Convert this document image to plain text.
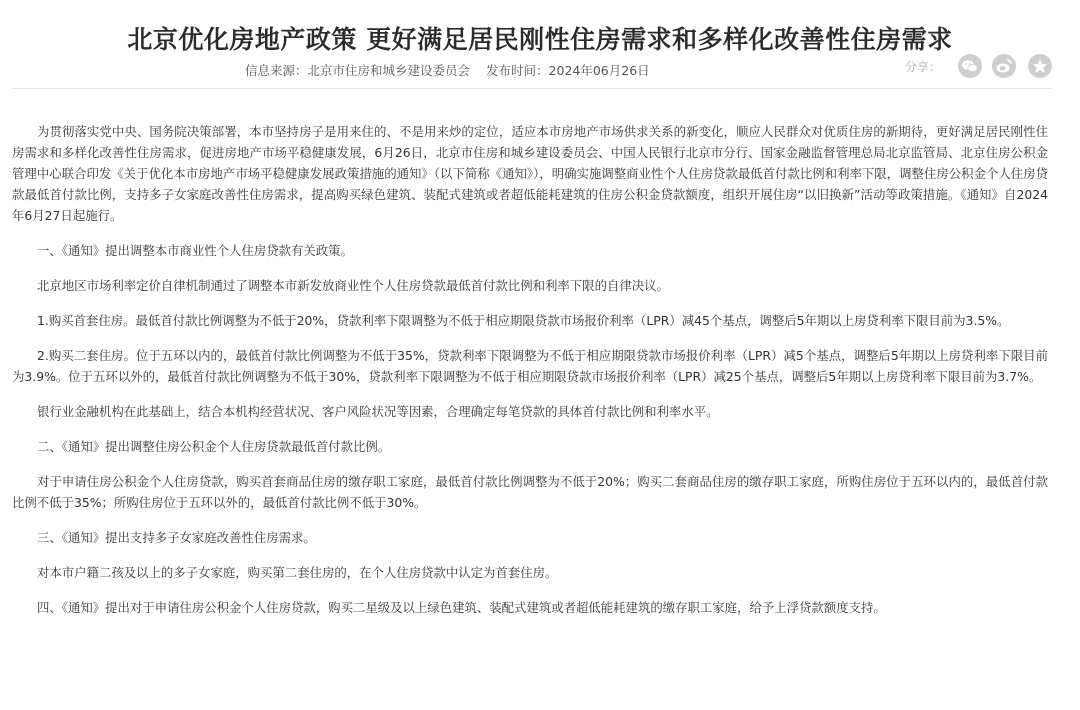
北京优化房地产政策 更好满足居民刚性住房需求和多样化改善性住房需求
信息来源：北京市住房和城乡建设委员会 发布时间：2024年06月26日	分享：

为贯彻落实党中央、国务院决策部署，本市坚持房子是用来住的、不是用来炒的定位，适应本市房地产市场供求关系的新变化，顺应人民群众对优质住房的新期待，更好满足居民刚性住房需求和多样化改善性住房需求，促进房地产市场平稳健康发展，6月26日，北京市住房和城乡建设委员会、中国人民银行北京市分行、国家金融监督管理总局北京监管局、北京住房公积金管理中心联合印发《关于优化本市房地产市场平稳健康发展政策措施的通知》（以下简称《通知》），明确实施调整商业性个人住房贷款最低首付款比例和利率下限，调整住房公积金个人住房贷款最低首付款比例，支持多子女家庭改善性住房需求，提高购买绿色建筑、装配式建筑或者超低能耗建筑的住房公积金贷款额度，组织开展住房“以旧换新”活动等政策措施。《通知》自2024年6月27日起施行。

一、《通知》提出调整本市商业性个人住房贷款有关政策。

北京地区市场利率定价自律机制通过了调整本市新发放商业性个人住房贷款最低首付款比例和利率下限的自律决议。

1.购买首套住房。最低首付款比例调整为不低于20%，贷款利率下限调整为不低于相应期限贷款市场报价利率（LPR）减45个基点，调整后5年期以上房贷利率下限目前为3.5%。

2.购买二套住房。位于五环以内的，最低首付款比例调整为不低于35%，贷款利率下限调整为不低于相应期限贷款市场报价利率（LPR）减5个基点，调整后5年期以上房贷利率下限目前为3.9%。位于五环以外的，最低首付款比例调整为不低于30%，贷款利率下限调整为不低于相应期限贷款市场报价利率（LPR）减25个基点，调整后5年期以上房贷利率下限目前为3.7%。

银行业金融机构在此基础上，结合本机构经营状况、客户风险状况等因素，合理确定每笔贷款的具体首付款比例和利率水平。

二、《通知》提出调整住房公积金个人住房贷款最低首付款比例。

对于申请住房公积金个人住房贷款，购买首套商品住房的缴存职工家庭，最低首付款比例调整为不低于20%；购买二套商品住房的缴存职工家庭，所购住房位于五环以内的，最低首付款比例不低于35%；所购住房位于五环以外的，最低首付款比例不低于30%。

三、《通知》提出支持多子女家庭改善性住房需求。

对本市户籍二孩及以上的多子女家庭，购买第二套住房的，在个人住房贷款中认定为首套住房。

四、《通知》提出对于申请住房公积金个人住房贷款，购买二星级及以上绿色建筑、装配式建筑或者超低能耗建筑的缴存职工家庭，给予上浮贷款额度支持。
